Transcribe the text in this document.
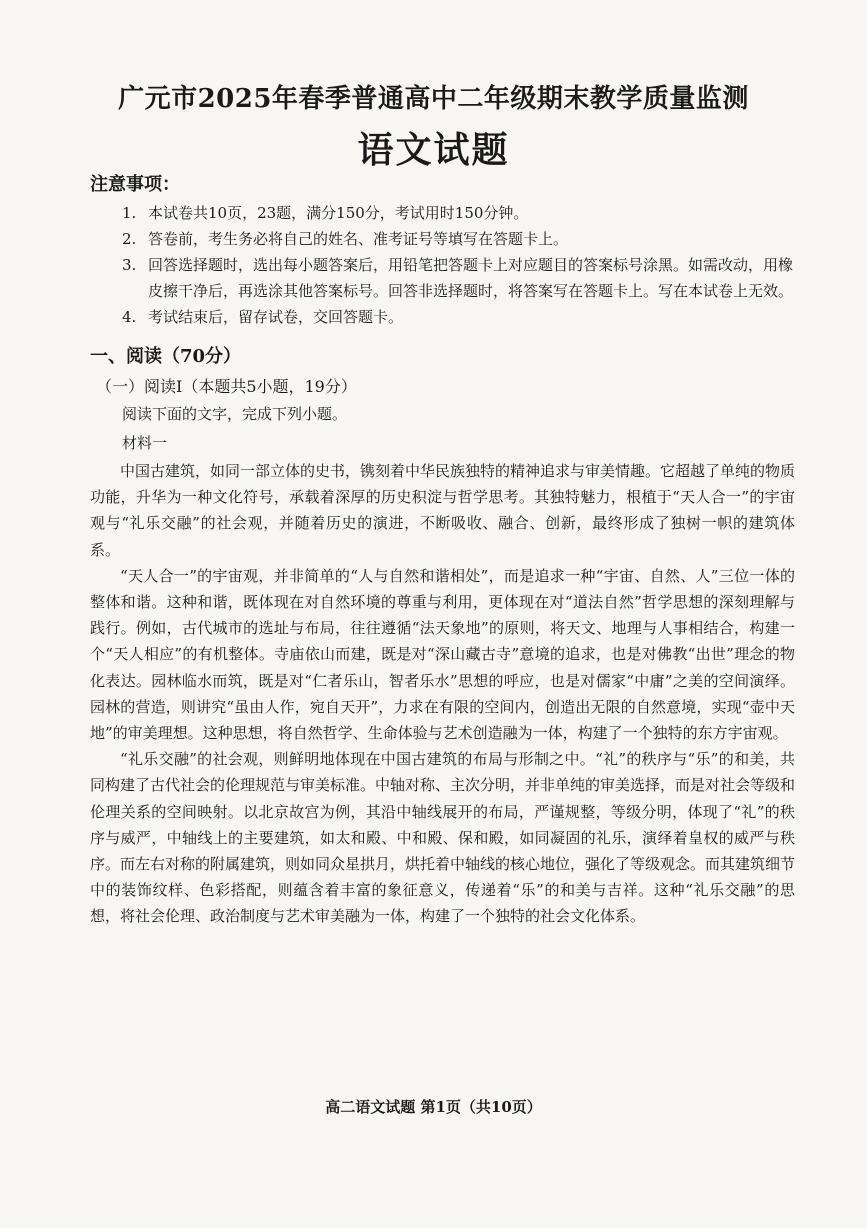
广元市2025年春季普通高中二年级期末教学质量监测
语文试题
注意事项：
1. 本试卷共10页，23题，满分150分，考试用时150分钟。
2. 答卷前，考生务必将自己的姓名、准考证号等填写在答题卡上。
3. 回答选择题时，选出每小题答案后，用铅笔把答题卡上对应题目的答案标号涂黑。如需改动，用橡皮擦干净后，再选涂其他答案标号。回答非选择题时，将答案写在答题卡上。写在本试卷上无效。
4. 考试结束后，留存试卷，交回答题卡。
一、阅读（70分）
（一）阅读Ⅰ（本题共5小题，19分）
阅读下面的文字，完成下列小题。
材料一

中国古建筑，如同一部立体的史书，镌刻着中华民族独特的精神追求与审美情趣。它超越了单纯的物质功能，升华为一种文化符号，承载着深厚的历史积淀与哲学思考。其独特魅力，根植于“天人合一”的宇宙观与“礼乐交融”的社会观，并随着历史的演进，不断吸收、融合、创新，最终形成了独树一帜的建筑体系。

“天人合一”的宇宙观，并非简单的“人与自然和谐相处”，而是追求一种“宇宙、自然、人”三位一体的整体和谐。这种和谐，既体现在对自然环境的尊重与利用，更体现在对“道法自然”哲学思想的深刻理解与践行。例如，古代城市的选址与布局，往往遵循“法天象地”的原则，将天文、地理与人事相结合，构建一个“天人相应”的有机整体。寺庙依山而建，既是对“深山藏古寺”意境的追求，也是对佛教“出世”理念的物化表达。园林临水而筑，既是对“仁者乐山，智者乐水”思想的呼应，也是对儒家“中庸”之美的空间演绎。园林的营造，则讲究“虽由人作，宛自天开”，力求在有限的空间内，创造出无限的自然意境，实现“壶中天地”的审美理想。这种思想，将自然哲学、生命体验与艺术创造融为一体，构建了一个独特的东方宇宙观。

“礼乐交融”的社会观，则鲜明地体现在中国古建筑的布局与形制之中。“礼”的秩序与“乐”的和美，共同构建了古代社会的伦理规范与审美标准。中轴对称、主次分明，并非单纯的审美选择，而是对社会等级和伦理关系的空间映射。以北京故宫为例，其沿中轴线展开的布局，严谨规整，等级分明，体现了“礼”的秩序与威严，中轴线上的主要建筑，如太和殿、中和殿、保和殿，如同凝固的礼乐，演绎着皇权的威严与秩序。而左右对称的附属建筑，则如同众星拱月，烘托着中轴线的核心地位，强化了等级观念。而其建筑细节中的装饰纹样、色彩搭配，则蕴含着丰富的象征意义，传递着“乐”的和美与吉祥。这种“礼乐交融”的思想，将社会伦理、政治制度与艺术审美融为一体，构建了一个独特的社会文化体系。

高二语文试题 第1页（共10页）
